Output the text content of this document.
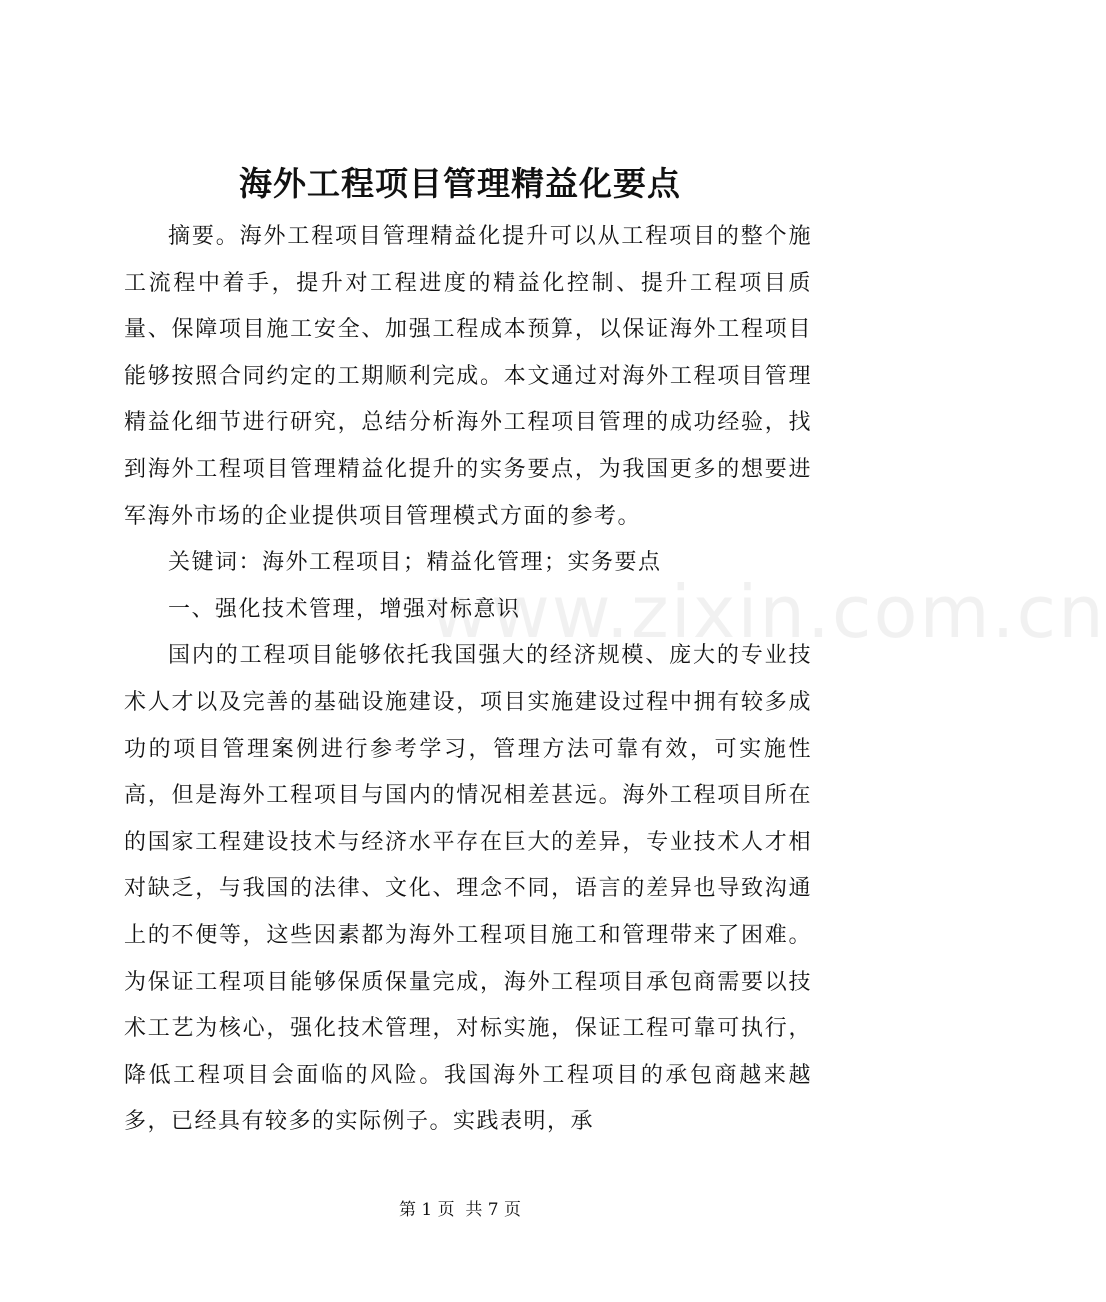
www.zixin.com.cn
海外工程项目管理精益化要点

摘要。海外工程项目管理精益化提升可以从工程项目的整个施工流程中着手，提升对工程进度的精益化控制、提升工程项目质量、保障项目施工安全、加强工程成本预算，以保证海外工程项目能够按照合同约定的工期顺利完成。本文通过对海外工程项目管理精益化细节进行研究，总结分析海外工程项目管理的成功经验，找到海外工程项目管理精益化提升的实务要点，为我国更多的想要进军海外市场的企业提供项目管理模式方面的参考。

关键词：海外工程项目；精益化管理；实务要点

一、强化技术管理，增强对标意识

国内的工程项目能够依托我国强大的经济规模、庞大的专业技术人才以及完善的基础设施建设，项目实施建设过程中拥有较多成功的项目管理案例进行参考学习，管理方法可靠有效，可实施性高，但是海外工程项目与国内的情况相差甚远。海外工程项目所在的国家工程建设技术与经济水平存在巨大的差异，专业技术人才相对缺乏，与我国的法律、文化、理念不同，语言的差异也导致沟通上的不便等，这些因素都为海外工程项目施工和管理带来了困难。为保证工程项目能够保质保量完成，海外工程项目承包商需要以技术工艺为核心，强化技术管理，对标实施，保证工程可靠可执行，降低工程项目会面临的风险。我国海外工程项目的承包商越来越多，已经具有较多的实际例子。实践表明，承

第 1 页  共 7 页
